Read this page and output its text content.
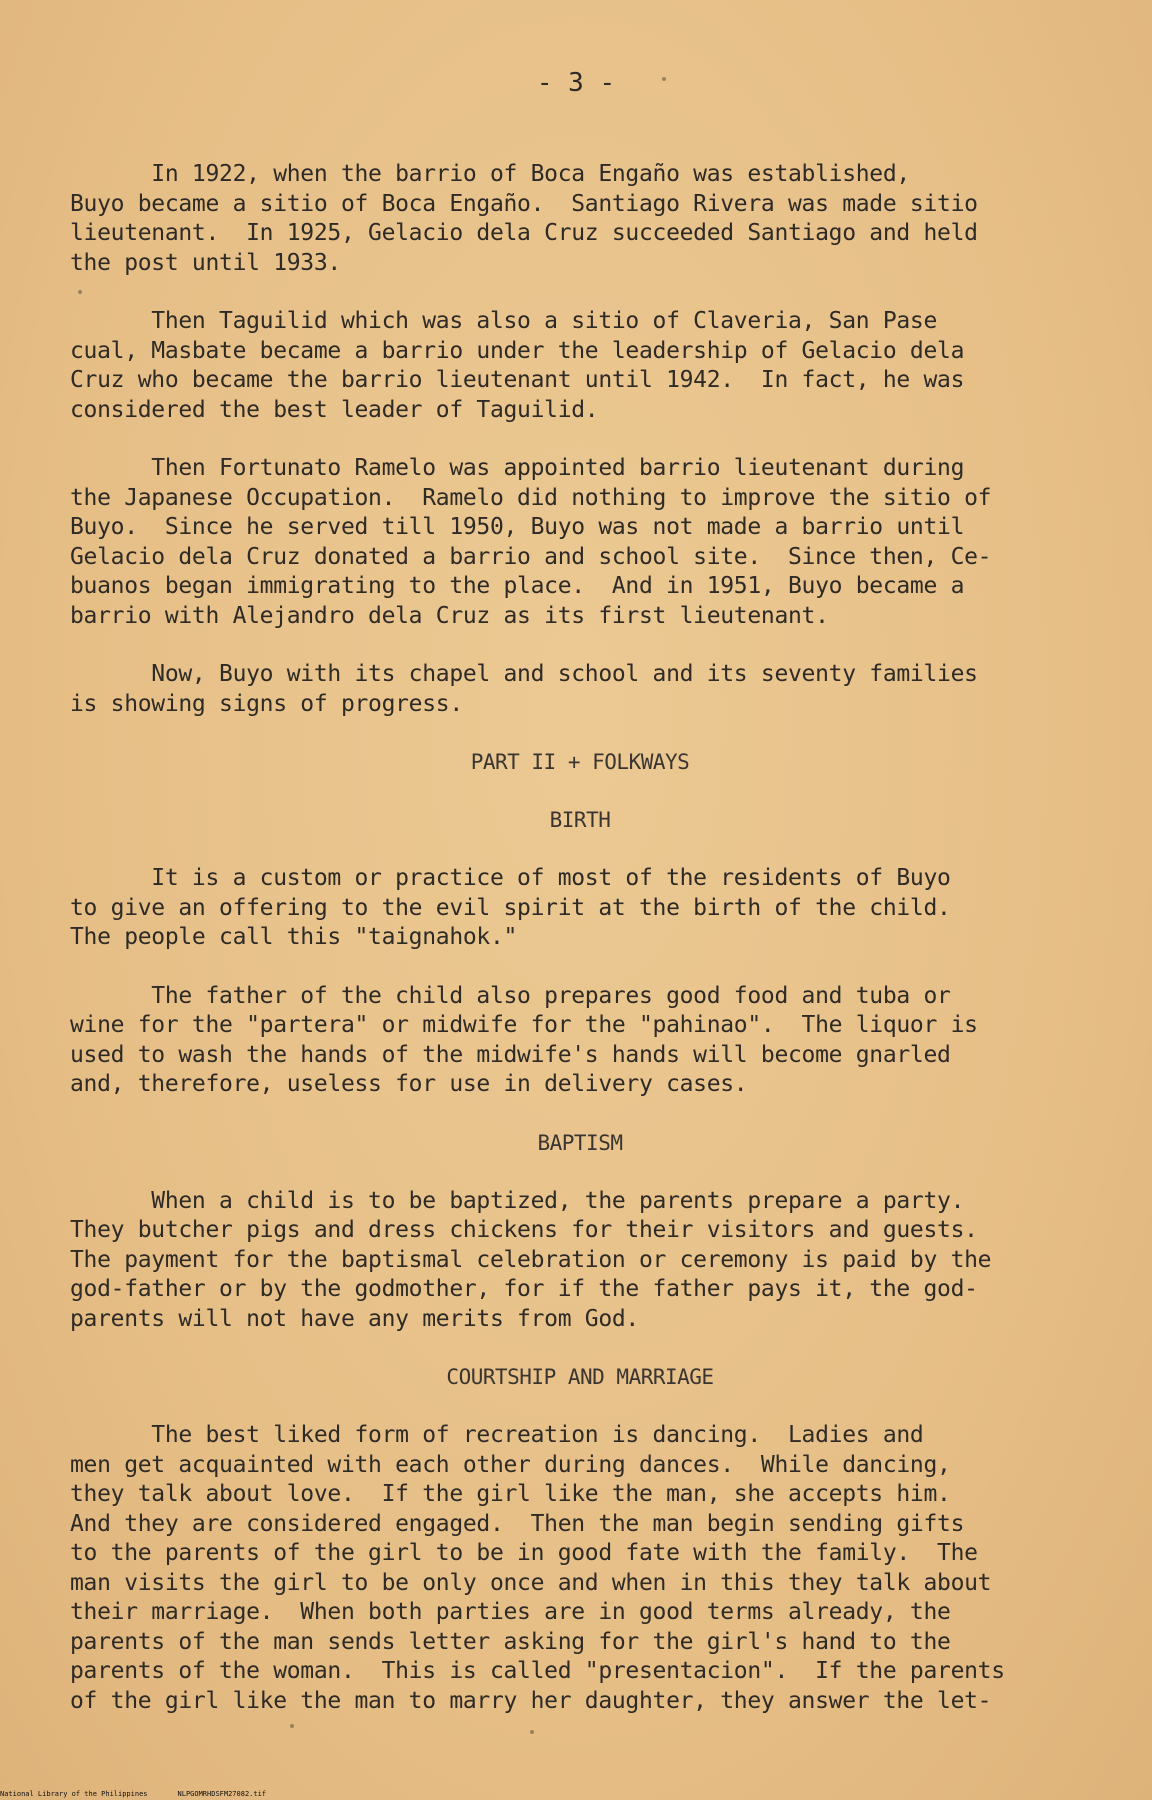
- 3 -

In 1922, when the barrio of Boca Engaño was established,
Buyo became a sitio of Boca Engaño.  Santiago Rivera was made sitio
lieutenant.  In 1925, Gelacio dela Cruz succeeded Santiago and held
the post until 1933.

Then Taguilid which was also a sitio of Claveria, San Pase
cual, Masbate became a barrio under the leadership of Gelacio dela
Cruz who became the barrio lieutenant until 1942.  In fact, he was
considered the best leader of Taguilid.

Then Fortunato Ramelo was appointed barrio lieutenant during
the Japanese Occupation.  Ramelo did nothing to improve the sitio of
Buyo.  Since he served till 1950, Buyo was not made a barrio until
Gelacio dela Cruz donated a barrio and school site.  Since then, Ce-
buanos began immigrating to the place.  And in 1951, Buyo became a
barrio with Alejandro dela Cruz as its first lieutenant.

Now, Buyo with its chapel and school and its seventy families
is showing signs of progress.

PART II + FOLKWAYS
BIRTH

It is a custom or practice of most of the residents of Buyo
to give an offering to the evil spirit at the birth of the child.
The people call this "taignahok."

The father of the child also prepares good food and tuba or
wine for the "partera" or midwife for the "pahinao".  The liquor is
used to wash the hands of the midwife's hands will become gnarled
and, therefore, useless for use in delivery cases.

BAPTISM

When a child is to be baptized, the parents prepare a party.
They butcher pigs and dress chickens for their visitors and guests.
The payment for the baptismal celebration or ceremony is paid by the
god-father or by the godmother, for if the father pays it, the god-
parents will not have any merits from God.

COURTSHIP AND MARRIAGE

The best liked form of recreation is dancing.  Ladies and
men get acquainted with each other during dances.  While dancing,
they talk about love.  If the girl like the man, she accepts him.
And they are considered engaged.  Then the man begin sending gifts
to the parents of the girl to be in good fate with the family.  The
man visits the girl to be only once and when in this they talk about
their marriage.  When both parties are in good terms already, the
parents of the man sends letter asking for the girl's hand to the
parents of the woman.  This is called "presentacion".  If the parents
of the girl like the man to marry her daughter, they answer the let-

National Library of the Philippines	NLPGOMRHDSFM27082.tif
